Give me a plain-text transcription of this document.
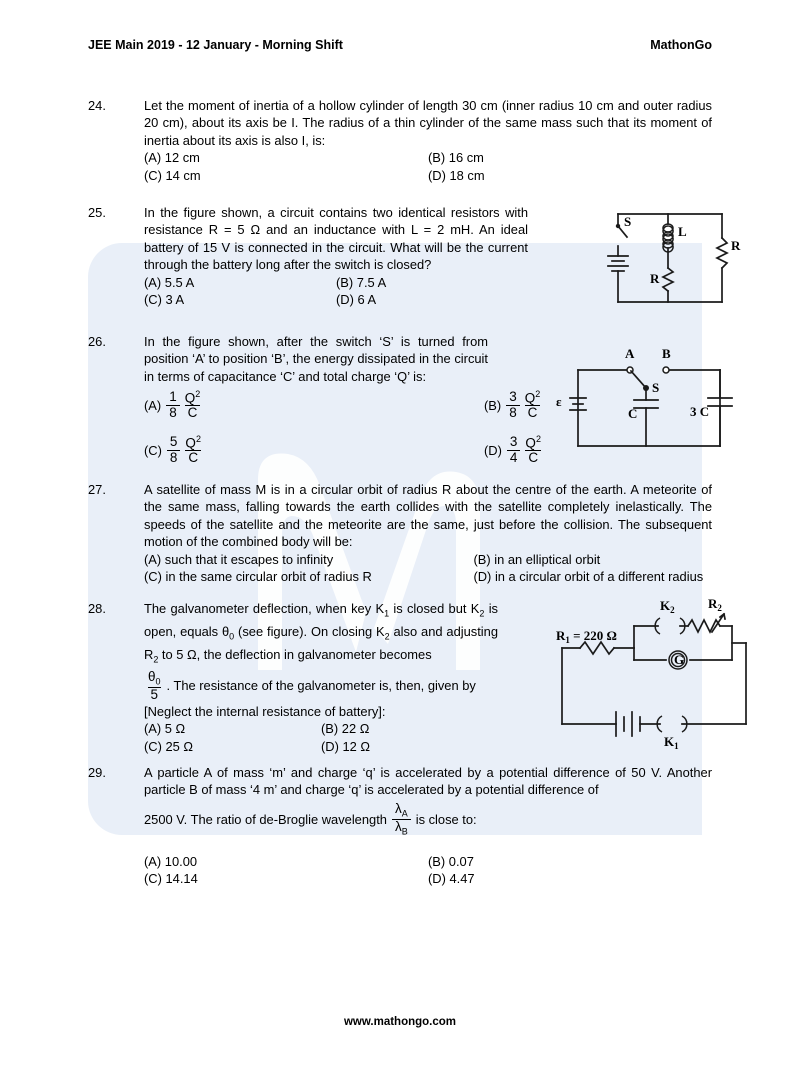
JEE Main 2019 - 12 January - Morning Shift	MathonGo
24.	Let the moment of inertia of a hollow cylinder of length 30 cm (inner radius 10 cm and outer radius 20 cm), about its axis be I. The radius of a thin cylinder of the same mass such that its moment of inertia about its axis is also I, is:
(A) 12 cm	(B) 16 cm
(C) 14 cm	(D) 18 cm
25.	In the figure shown, a circuit contains two identical resistors with resistance R = 5 Ω and an inductance with L = 2 mH. An ideal battery of 15 V is connected in the circuit. What will be the current through the battery long after the switch is closed?
(A) 5.5 A	(B) 7.5 A
(C) 3 A	(D) 6 A
S
L
R
R
26.	In the figure shown, after the switch ‘S’ is turned from position ‘A’ to position ‘B’, the energy dissipated in the circuit in terms of capacitance ‘C’ and total charge ‘Q’ is:
$(A) \frac{1}{8} \frac{Q^2}{C}$	$(B) \frac{3}{8} \frac{Q^2}{C}$
$(C) \frac{5}{8} \frac{Q^2}{C}$	$(D) \frac{3}{4} \frac{Q^2}{C}$
ε
A B
S
C	3 C
27.	A satellite of mass M is in a circular orbit of radius R about the centre of the earth. A meteorite of the same mass, falling towards the earth collides with the satellite completely inelastically. The speeds of the satellite and the meteorite are the same, just before the collision. The subsequent motion of the combined body will be:
(A) such that it escapes to infinity	(B) in an elliptical orbit
(C) in the same circular orbit of radius R	(D) in a circular orbit of a different radius
28.	The galvanometer deflection, when key $K_1$ is closed but $K_2$ is open, equals $\theta_0$ (see figure). On closing $K_2$ also and adjusting $R_2$ to 5 Ω, the deflection in galvanometer becomes
$\frac{\theta_0}{5}$ . The resistance of the galvanometer is, then, given by
[Neglect the internal resistance of battery]:
(A) 5 Ω	(B) 22 Ω
(C) 25 Ω	(D) 12 Ω
$R_1 = 220$ Ω
$K_2$	$R_2$
G
$K_1$
29.	A particle A of mass ‘m’ and charge ‘q’ is accelerated by a potential difference of 50 V. Another particle B of mass ‘4 m’ and charge ‘q’ is accelerated by a potential difference of
2500 V. The ratio of de-Broglie wavelength $\frac{\lambda_A}{\lambda_B}$ is close to:
(A) 10.00	(B) 0.07
(C) 14.14	(D) 4.47
www.mathongo.com
